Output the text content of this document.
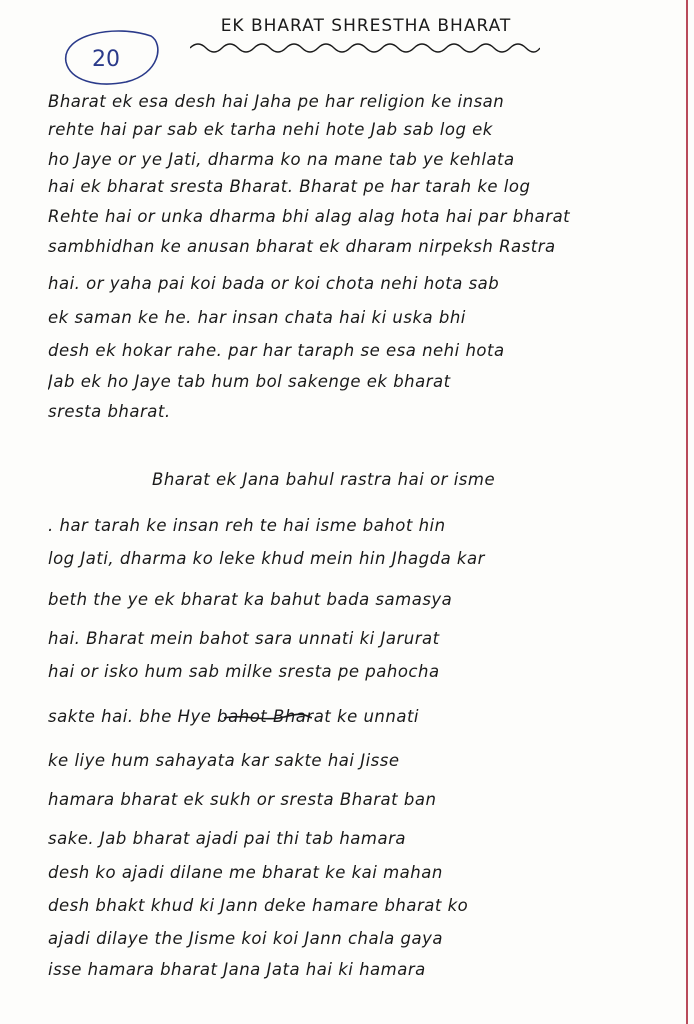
20
EK BHARAT SHRESTHA BHARAT
Bharat ek esa desh hai Jaha pe har religion ke insan
rehte hai par sab ek tarha nehi hote Jab sab log ek
ho Jaye or ye Jati, dharma ko na mane tab ye kehlata
hai ek bharat sresta Bharat. Bharat pe har tarah ke log
Rehte hai or unka dharma bhi alag alag hota hai par bharat
sambhidhan ke anusan bharat ek dharam nirpeksh Rastra
hai. or yaha pai koi bada or koi chota nehi hota sab
ek saman ke he. har insan chata hai ki uska bhi
desh ek hokar rahe. par har taraph se esa nehi hota
Jab ek ho Jaye tab hum bol sakenge ek bharat
sresta bharat.
Bharat ek Jana bahul rastra hai or isme
. har tarah ke insan reh te hai isme bahot hin
log Jati, dharma ko leke khud mein hin Jhagda kar
beth the ye ek bharat ka bahut bada samasya
hai. Bharat mein bahot sara unnati ki Jarurat
hai or isko hum sab milke sresta pe pahocha
sakte hai. bhe Hye bahot Bharat ke unnati
ke liye hum sahayata kar sakte hai Jisse
hamara bharat ek sukh or sresta Bharat ban
sake. Jab bharat ajadi pai thi tab hamara
desh ko ajadi dilane me bharat ke kai mahan
desh bhakt khud ki Jann deke hamare bharat ko
ajadi dilaye the Jisme koi koi Jann chala gaya
isse hamara bharat Jana Jata hai ki hamara
